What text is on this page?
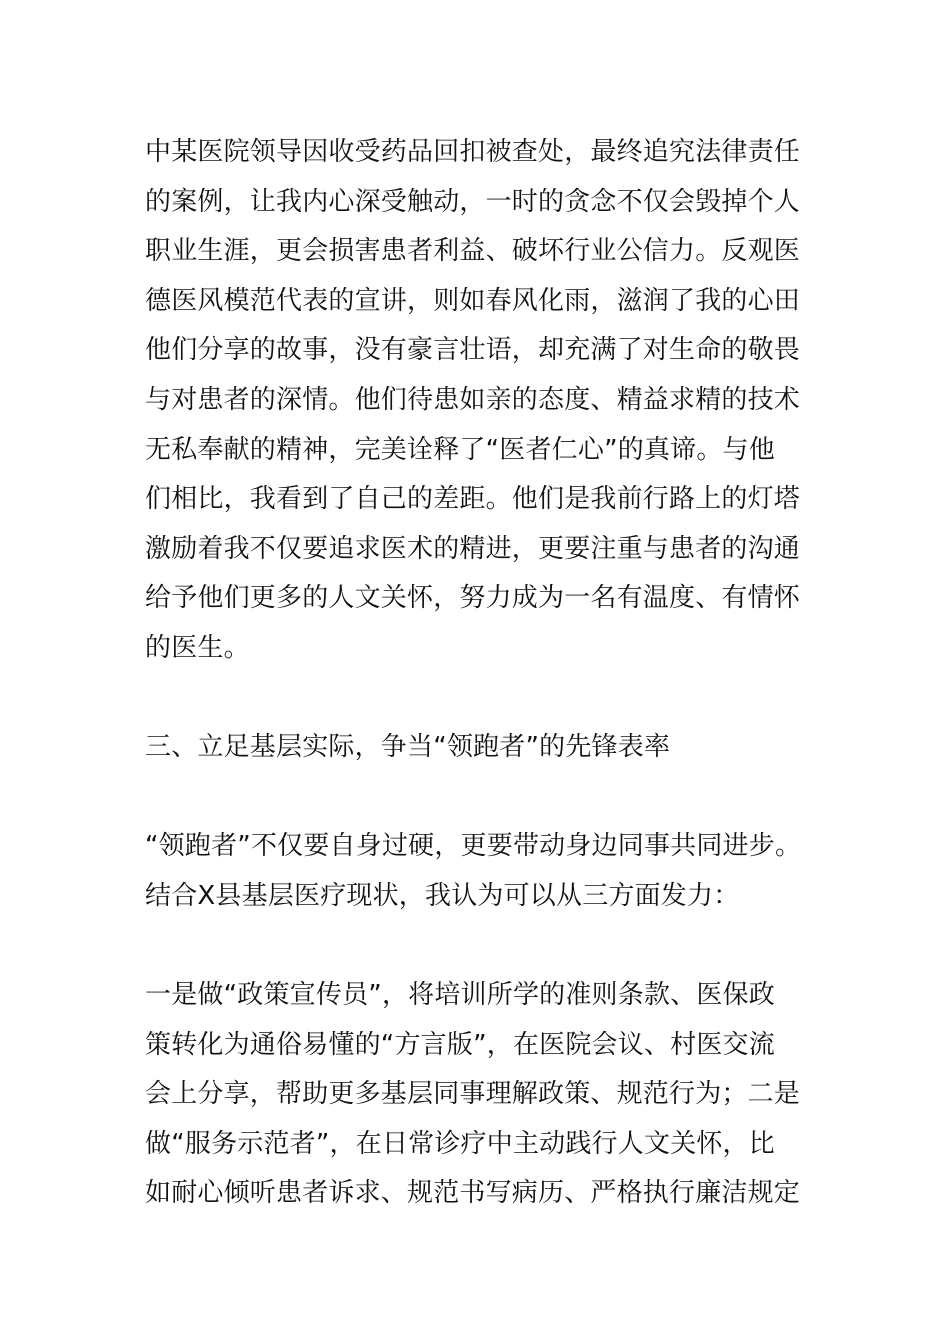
中某医院领导因收受药品回扣被查处，最终追究法律责任
的案例，让我内心深受触动，一时的贪念不仅会毁掉个人
职业生涯，更会损害患者利益、破坏行业公信力。反观医
德医风模范代表的宣讲，则如春风化雨，滋润了我的心田
他们分享的故事，没有豪言壮语，却充满了对生命的敬畏
与对患者的深情。他们待患如亲的态度、精益求精的技术
无私奉献的精神，完美诠释了“医者仁心”的真谛。与他
们相比，我看到了自己的差距。他们是我前行路上的灯塔
激励着我不仅要追求医术的精进，更要注重与患者的沟通
给予他们更多的人文关怀，努力成为一名有温度、有情怀
的医生。
三、立足基层实际，争当“领跑者”的先锋表率
“领跑者”不仅要自身过硬，更要带动身边同事共同进步。
结合X县基层医疗现状，我认为可以从三方面发力：
一是做“政策宣传员”，将培训所学的准则条款、医保政
策转化为通俗易懂的“方言版”，在医院会议、村医交流
会上分享，帮助更多基层同事理解政策、规范行为；二是
做“服务示范者”，在日常诊疗中主动践行人文关怀，比
如耐心倾听患者诉求、规范书写病历、严格执行廉洁规定
